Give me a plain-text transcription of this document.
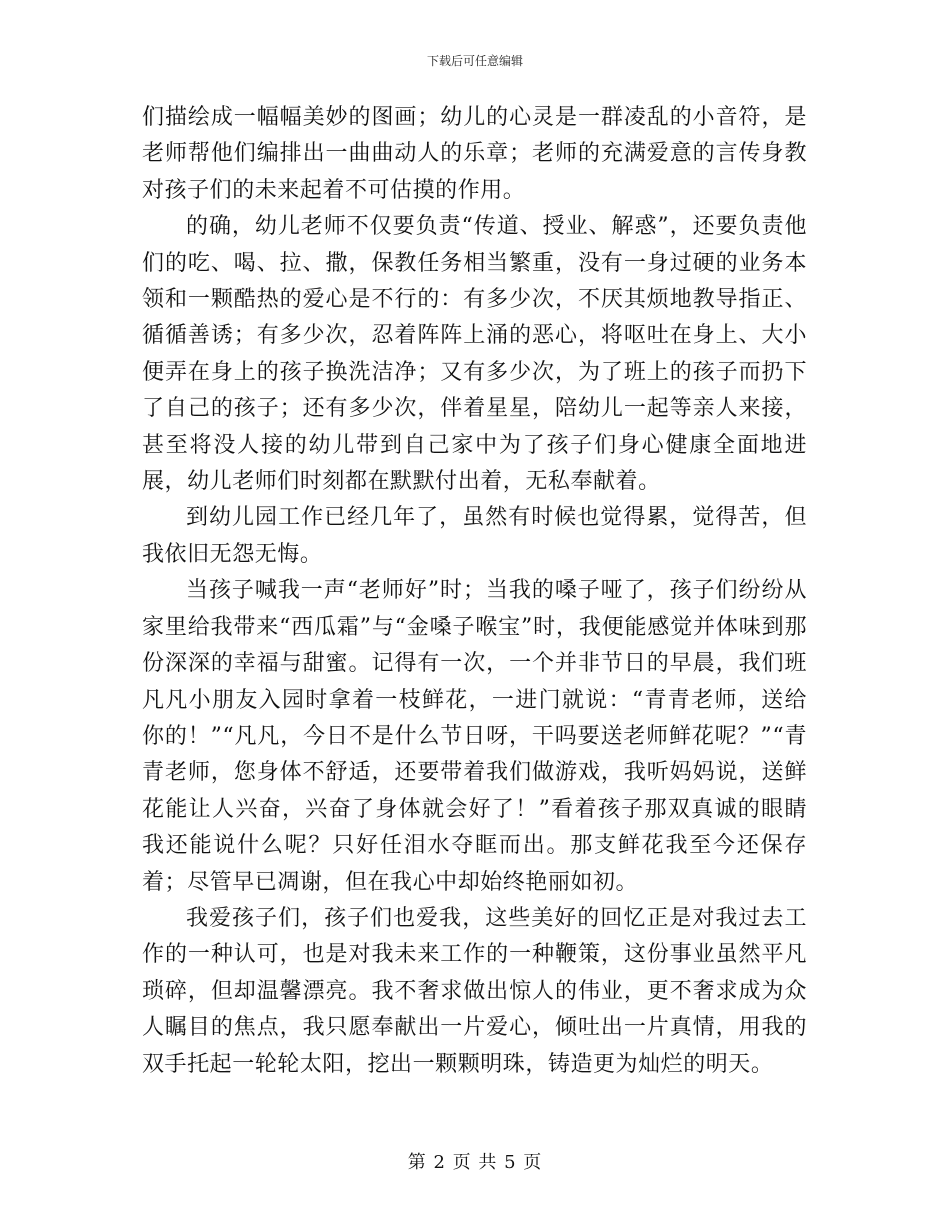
下载后可任意编辑

们描绘成一幅幅美妙的图画；幼儿的心灵是一群凌乱的小音符，是老师帮他们编排出一曲曲动人的乐章；老师的充满爱意的言传身教对孩子们的未来起着不可估摸的作用。

的确，幼儿老师不仅要负责“传道、授业、解惑”，还要负责他们的吃、喝、拉、撒，保教任务相当繁重，没有一身过硬的业务本领和一颗酷热的爱心是不行的：有多少次，不厌其烦地教导指正、循循善诱；有多少次，忍着阵阵上涌的恶心，将呕吐在身上、大小便弄在身上的孩子换洗洁净；又有多少次，为了班上的孩子而扔下了自己的孩子；还有多少次，伴着星星，陪幼儿一起等亲人来接，甚至将没人接的幼儿带到自己家中为了孩子们身心健康全面地进展，幼儿老师们时刻都在默默付出着，无私奉献着。

到幼儿园工作已经几年了，虽然有时候也觉得累，觉得苦，但我依旧无怨无悔。

当孩子喊我一声“老师好”时；当我的嗓子哑了，孩子们纷纷从家里给我带来“西瓜霜”与“金嗓子喉宝”时，我便能感觉并体味到那份深深的幸福与甜蜜。记得有一次，一个并非节日的早晨，我们班凡凡小朋友入园时拿着一枝鲜花，一进门就说：“青青老师，送给你的！”“凡凡，今日不是什么节日呀，干吗要送老师鲜花呢？”“青青老师，您身体不舒适，还要带着我们做游戏，我听妈妈说，送鲜花能让人兴奋，兴奋了身体就会好了！”看着孩子那双真诚的眼睛我还能说什么呢？只好任泪水夺眶而出。那支鲜花我至今还保存着；尽管早已凋谢，但在我心中却始终艳丽如初。

我爱孩子们，孩子们也爱我，这些美好的回忆正是对我过去工作的一种认可，也是对我未来工作的一种鞭策，这份事业虽然平凡琐碎，但却温馨漂亮。我不奢求做出惊人的伟业，更不奢求成为众人瞩目的焦点，我只愿奉献出一片爱心，倾吐出一片真情，用我的双手托起一轮轮太阳，挖出一颗颗明珠，铸造更为灿烂的明天。

第 2 页 共 5 页
